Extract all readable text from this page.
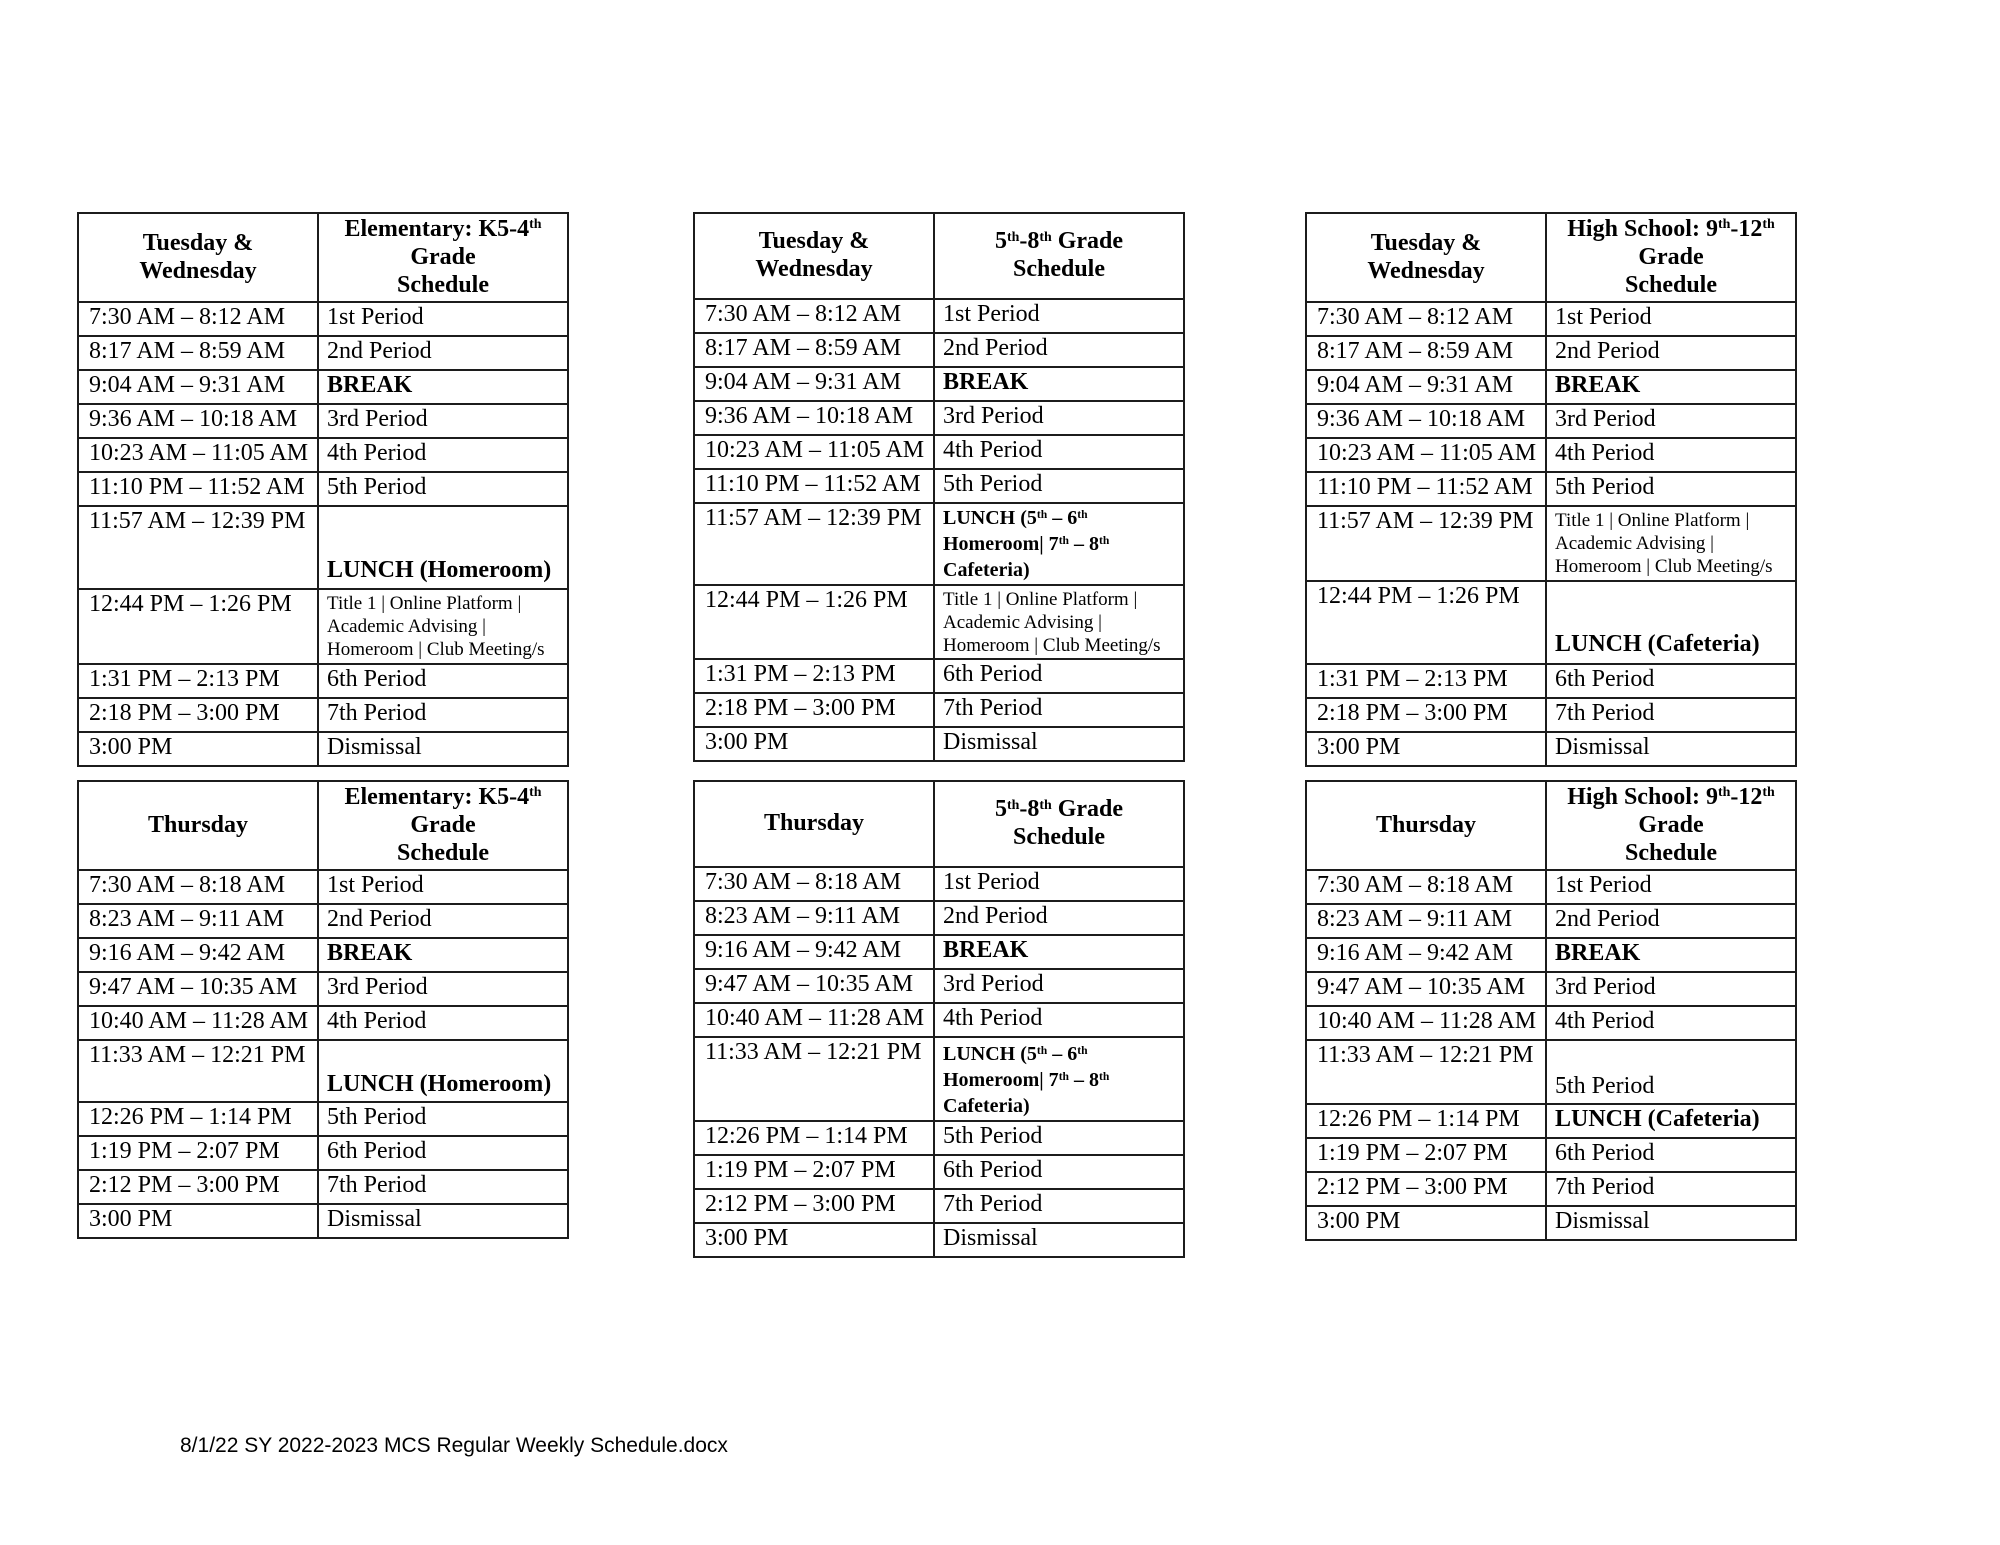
Tuesday & Wednesday	Elementary: K5-4th
Grade
Schedule
7:30 AM – 8:12 AM	1st Period
8:17 AM – 8:59 AM	2nd Period
9:04 AM – 9:31 AM	BREAK
9:36 AM – 10:18 AM	3rd Period
10:23 AM – 11:05 AM	4th Period
11:10 PM – 11:52 AM	5th Period
11:57 AM – 12:39 PM	LUNCH (Homeroom)
12:44 PM – 1:26 PM	Title 1 | Online Platform | Academic Advising | Homeroom | Club Meeting/s
1:31 PM – 2:13 PM	6th Period
2:18 PM – 3:00 PM	7th Period
3:00 PM	Dismissal
Tuesday & Wednesday	5th-8th Grade
Schedule
7:30 AM – 8:12 AM	1st Period
8:17 AM – 8:59 AM	2nd Period
9:04 AM – 9:31 AM	BREAK
9:36 AM – 10:18 AM	3rd Period
10:23 AM – 11:05 AM	4th Period
11:10 PM – 11:52 AM	5th Period
11:57 AM – 12:39 PM	LUNCH (5th – 6th Homeroom| 7th – 8th Cafeteria)
12:44 PM – 1:26 PM	Title 1 | Online Platform | Academic Advising | Homeroom | Club Meeting/s
1:31 PM – 2:13 PM	6th Period
2:18 PM – 3:00 PM	7th Period
3:00 PM	Dismissal
Tuesday & Wednesday	High School: 9th-12th
Grade
Schedule
7:30 AM – 8:12 AM	1st Period
8:17 AM – 8:59 AM	2nd Period
9:04 AM – 9:31 AM	BREAK
9:36 AM – 10:18 AM	3rd Period
10:23 AM – 11:05 AM	4th Period
11:10 PM – 11:52 AM	5th Period
11:57 AM – 12:39 PM	Title 1 | Online Platform | Academic Advising | Homeroom | Club Meeting/s
12:44 PM – 1:26 PM	LUNCH (Cafeteria)
1:31 PM – 2:13 PM	6th Period
2:18 PM – 3:00 PM	7th Period
3:00 PM	Dismissal
Thursday	Elementary: K5-4th
Grade
Schedule
7:30 AM – 8:18 AM	1st Period
8:23 AM – 9:11 AM	2nd Period
9:16 AM – 9:42 AM	BREAK
9:47 AM – 10:35 AM	3rd Period
10:40 AM – 11:28 AM	4th Period
11:33 AM – 12:21 PM	LUNCH (Homeroom)
12:26 PM – 1:14 PM	5th Period
1:19 PM – 2:07 PM	6th Period
2:12 PM – 3:00 PM	7th Period
3:00 PM	Dismissal
Thursday	5th-8th Grade
Schedule
7:30 AM – 8:18 AM	1st Period
8:23 AM – 9:11 AM	2nd Period
9:16 AM – 9:42 AM	BREAK
9:47 AM – 10:35 AM	3rd Period
10:40 AM – 11:28 AM	4th Period
11:33 AM – 12:21 PM	LUNCH (5th – 6th Homeroom| 7th – 8th Cafeteria)
12:26 PM – 1:14 PM	5th Period
1:19 PM – 2:07 PM	6th Period
2:12 PM – 3:00 PM	7th Period
3:00 PM	Dismissal
Thursday	High School: 9th-12th
Grade
Schedule
7:30 AM – 8:18 AM	1st Period
8:23 AM – 9:11 AM	2nd Period
9:16 AM – 9:42 AM	BREAK
9:47 AM – 10:35 AM	3rd Period
10:40 AM – 11:28 AM	4th Period
11:33 AM – 12:21 PM	5th Period
12:26 PM – 1:14 PM	LUNCH (Cafeteria)
1:19 PM – 2:07 PM	6th Period
2:12 PM – 3:00 PM	7th Period
3:00 PM	Dismissal
8/1/22 SY 2022-2023 MCS Regular Weekly Schedule.docx
